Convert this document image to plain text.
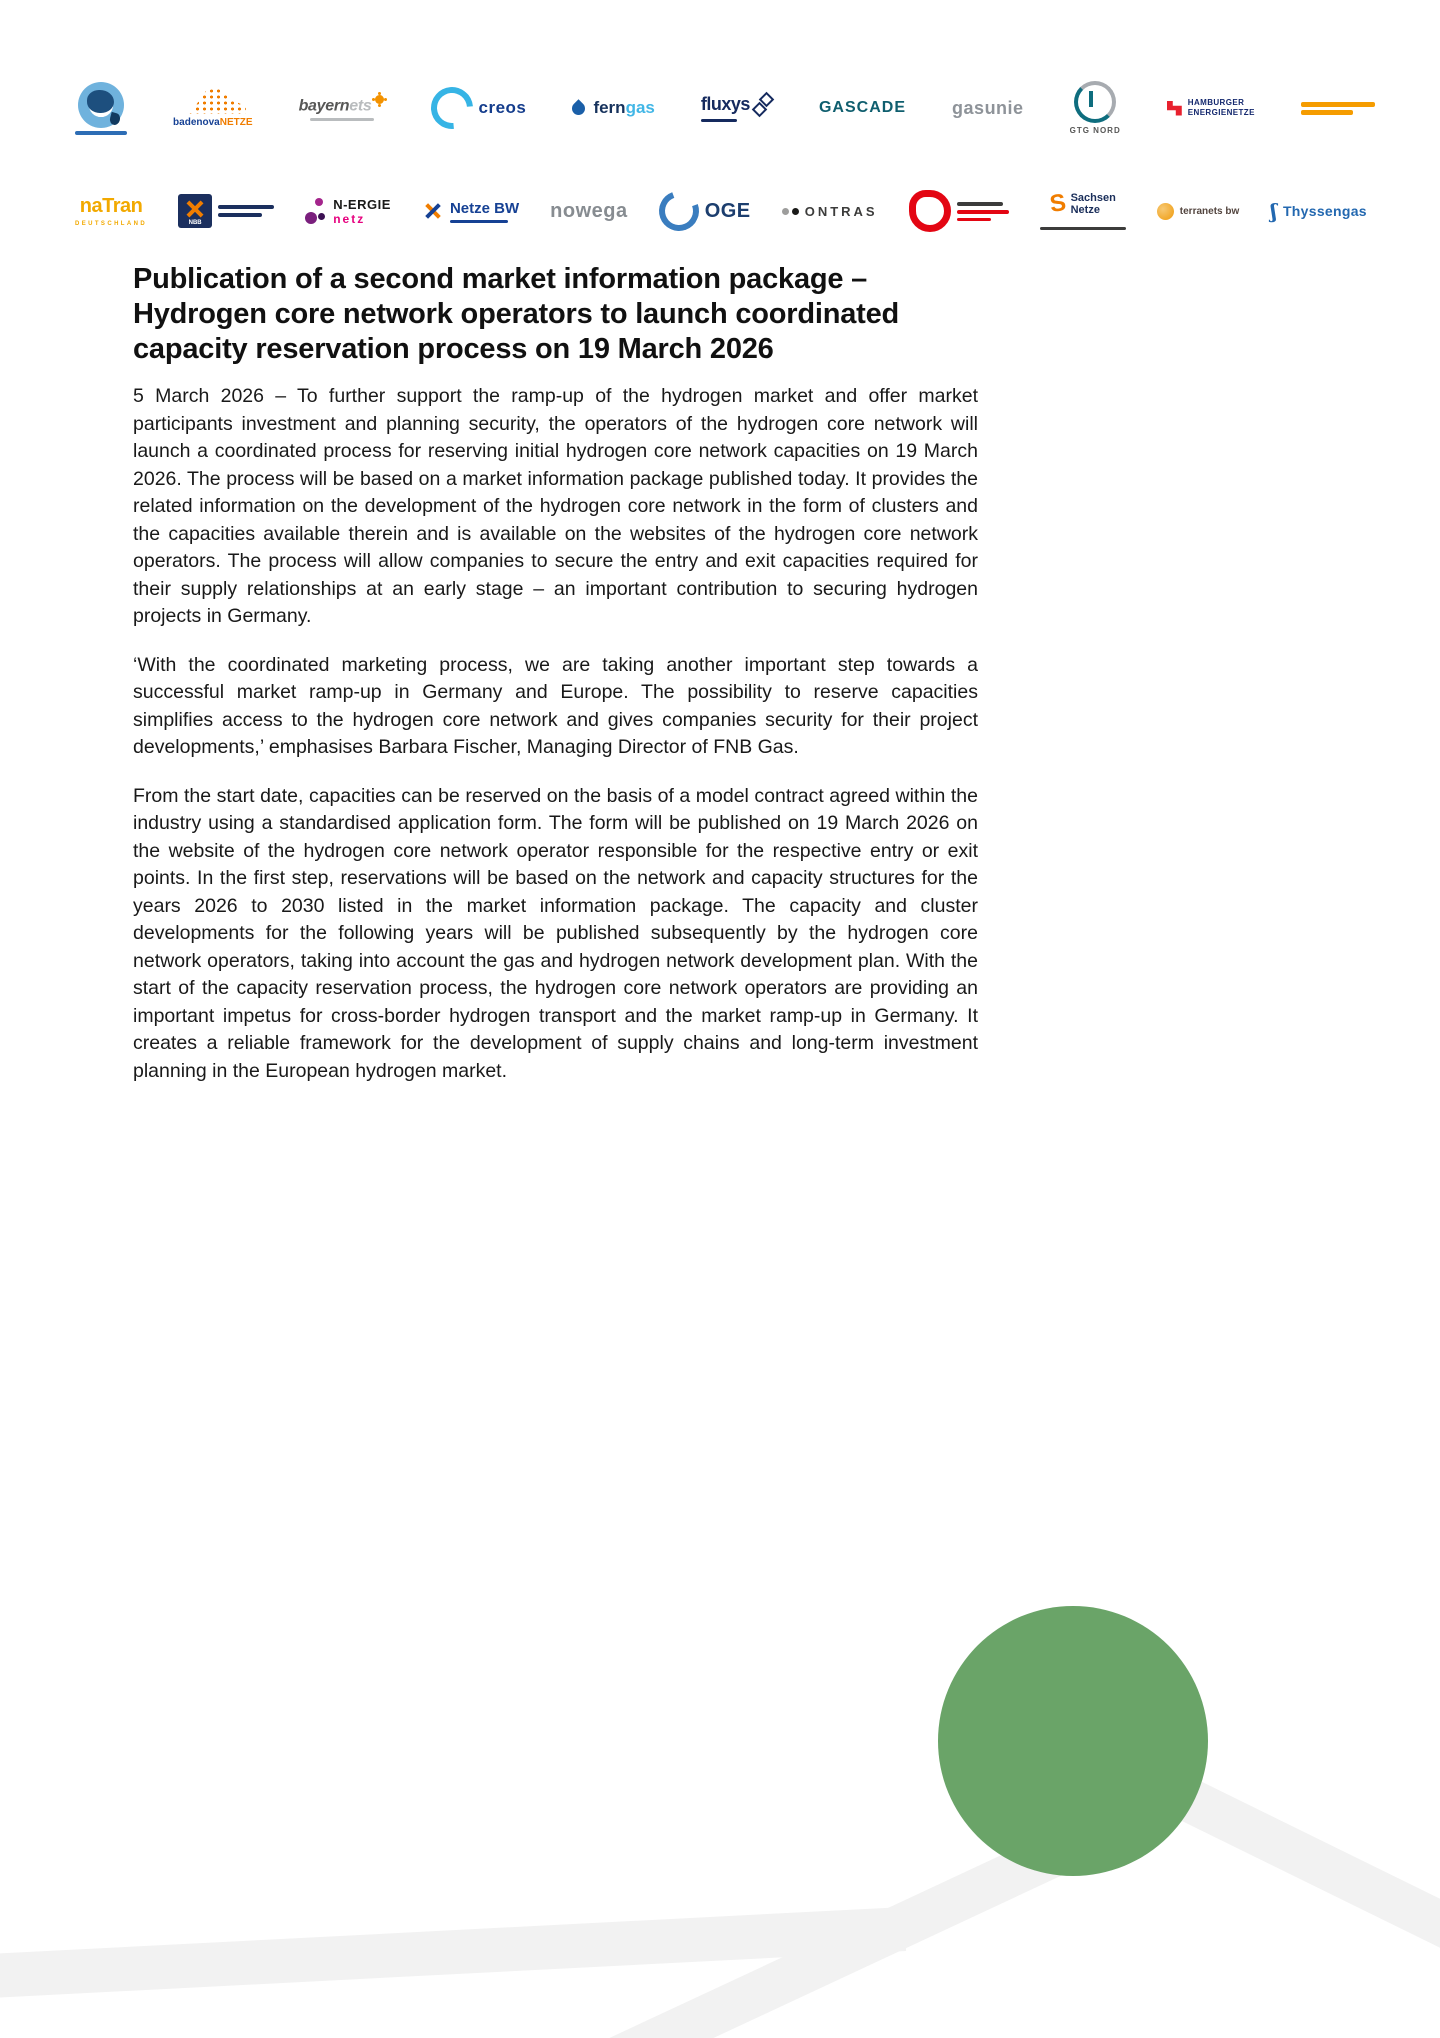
badenovaNETZE
bayernets	creos	ferngas	fluxys	GASCADE	gasunie
GTG NORD
HAMBURGER
ENERGIENETZE
naTran
DEUTSCHLAND	NBB
N-ERGIE
netz
Netze BW nowega	OGE	ONTRAS	S Sachsen
Netze	terranets bw ʃ Thyssengas
Publication of a second market information package –
Hydrogen core network operators to launch coordinated
capacity reservation process on 19 March 2026

5 March 2026 – To further support the ramp-up of the hydrogen market and offer market participants investment and planning security, the operators of the hydrogen core network will launch a coordinated process for reserving initial hydrogen core network capacities on 19 March 2026. The process will be based on a market information package published today. It provides the related information on the development of the hydrogen core network in the form of clusters and the capacities available therein and is available on the websites of the hydrogen core network operators. The process will allow companies to secure the entry and exit capacities required for their supply relationships at an early stage – an important contribution to securing hydrogen projects in Germany.

‘With the coordinated marketing process, we are taking another important step towards a successful market ramp-up in Germany and Europe. The possibility to reserve capacities simplifies access to the hydrogen core network and gives companies security for their project developments,’ emphasises Barbara Fischer, Managing Director of FNB Gas.

From the start date, capacities can be reserved on the basis of a model contract agreed within the industry using a standardised application form. The form will be published on 19 March 2026 on the website of the hydrogen core network operator responsible for the respective entry or exit points. In the first step, reservations will be based on the network and capacity structures for the years 2026 to 2030 listed in the market information package. The capacity and cluster developments for the following years will be published subsequently by the hydrogen core network operators, taking into account the gas and hydrogen network development plan. With the start of the capacity reservation process, the hydrogen core network operators are providing an important impetus for cross-border hydrogen transport and the market ramp-up in Germany. It creates a reliable framework for the development of supply chains and long-term investment planning in the European hydrogen market.
